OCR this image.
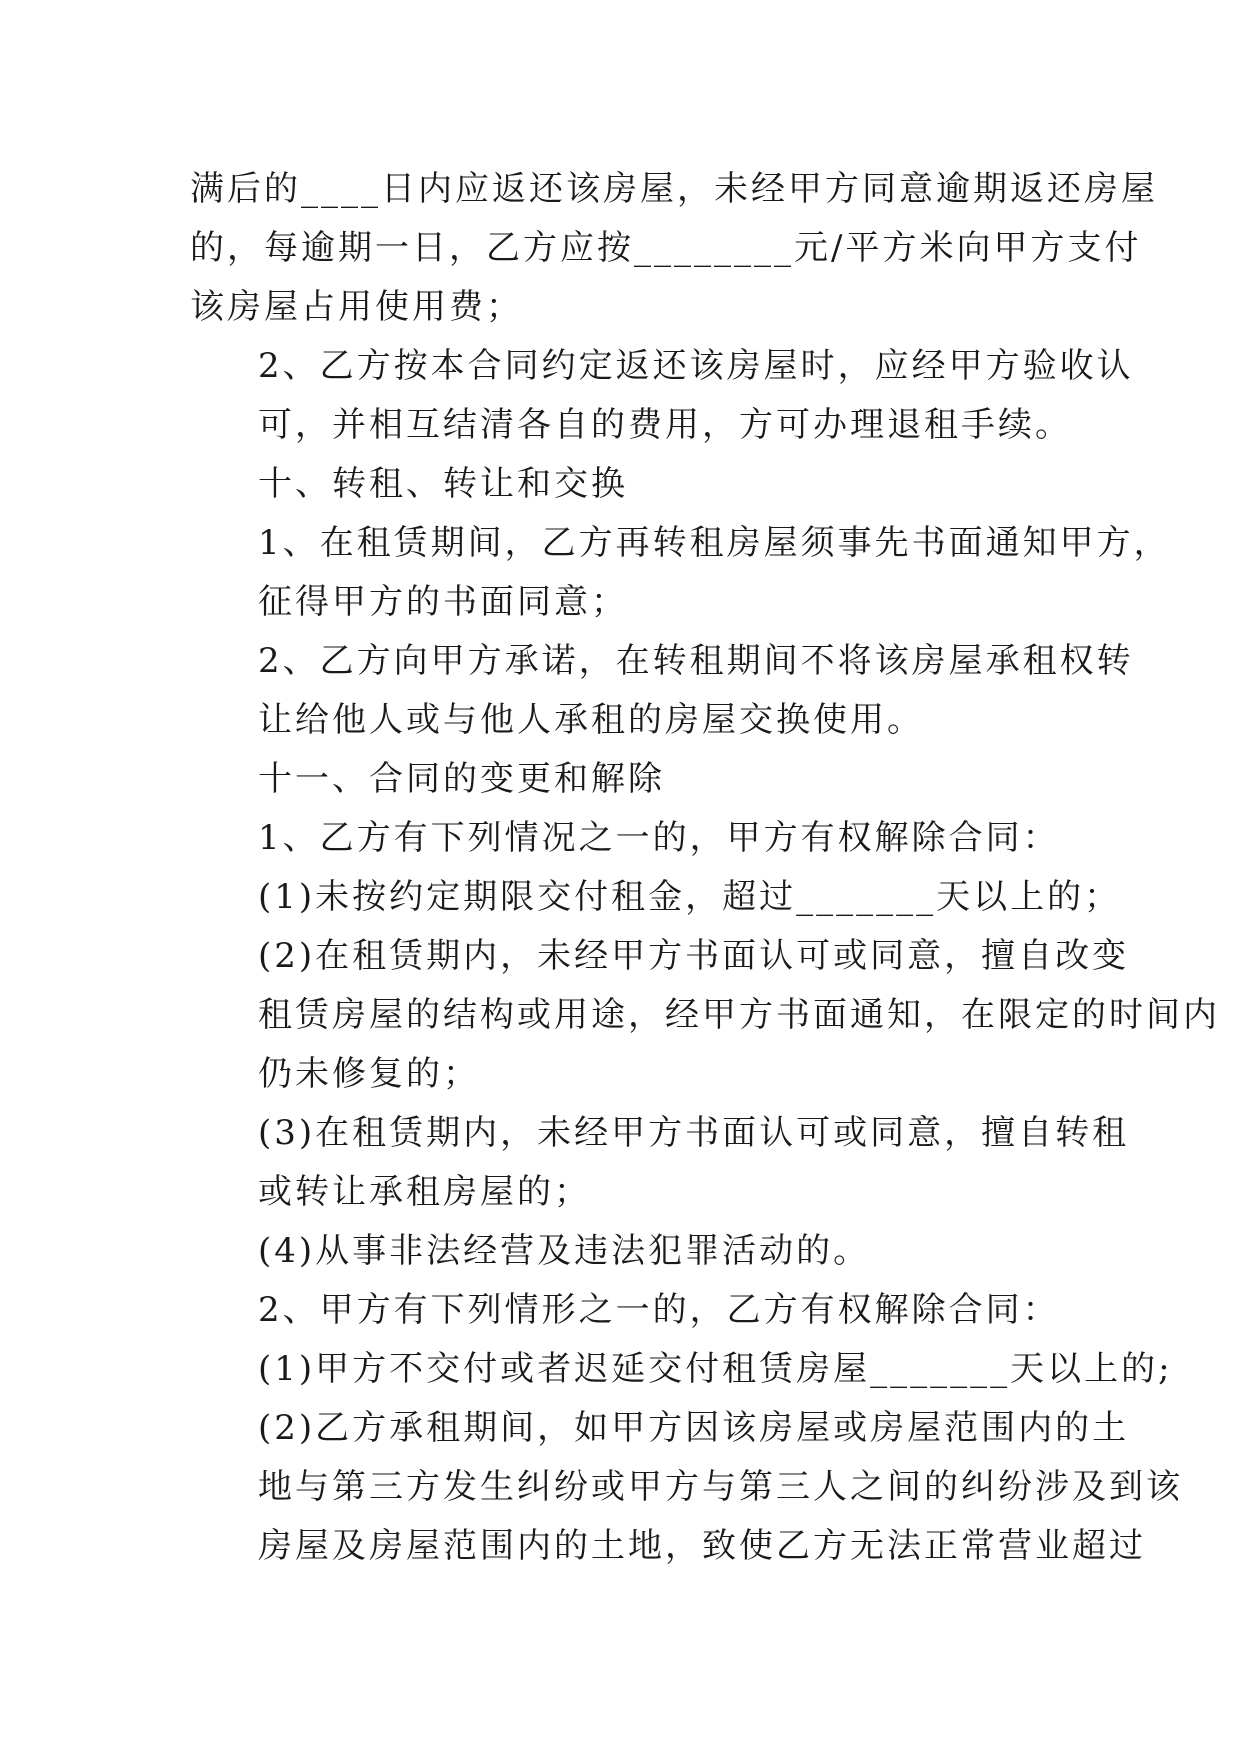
满后的____日内应返还该房屋，未经甲方同意逾期返还房屋
的，每逾期一日，乙方应按________元/平方米向甲方支付
该房屋占用使用费；

2、乙方按本合同约定返还该房屋时，应经甲方验收认
可，并相互结清各自的费用，方可办理退租手续。

十、转租、转让和交换

1、在租赁期间，乙方再转租房屋须事先书面通知甲方，
征得甲方的书面同意；

2、乙方向甲方承诺，在转租期间不将该房屋承租权转
让给他人或与他人承租的房屋交换使用。

十一、合同的变更和解除

1、乙方有下列情况之一的，甲方有权解除合同：

(1)未按约定期限交付租金，超过_______天以上的；

(2)在租赁期内，未经甲方书面认可或同意，擅自改变
租赁房屋的结构或用途，经甲方书面通知，在限定的时间内
仍未修复的；

(3)在租赁期内，未经甲方书面认可或同意，擅自转租
或转让承租房屋的；

(4)从事非法经营及违法犯罪活动的。

2、甲方有下列情形之一的，乙方有权解除合同：

(1)甲方不交付或者迟延交付租赁房屋_______天以上的;

(2)乙方承租期间，如甲方因该房屋或房屋范围内的土
地与第三方发生纠纷或甲方与第三人之间的纠纷涉及到该
房屋及房屋范围内的土地，致使乙方无法正常营业超过
